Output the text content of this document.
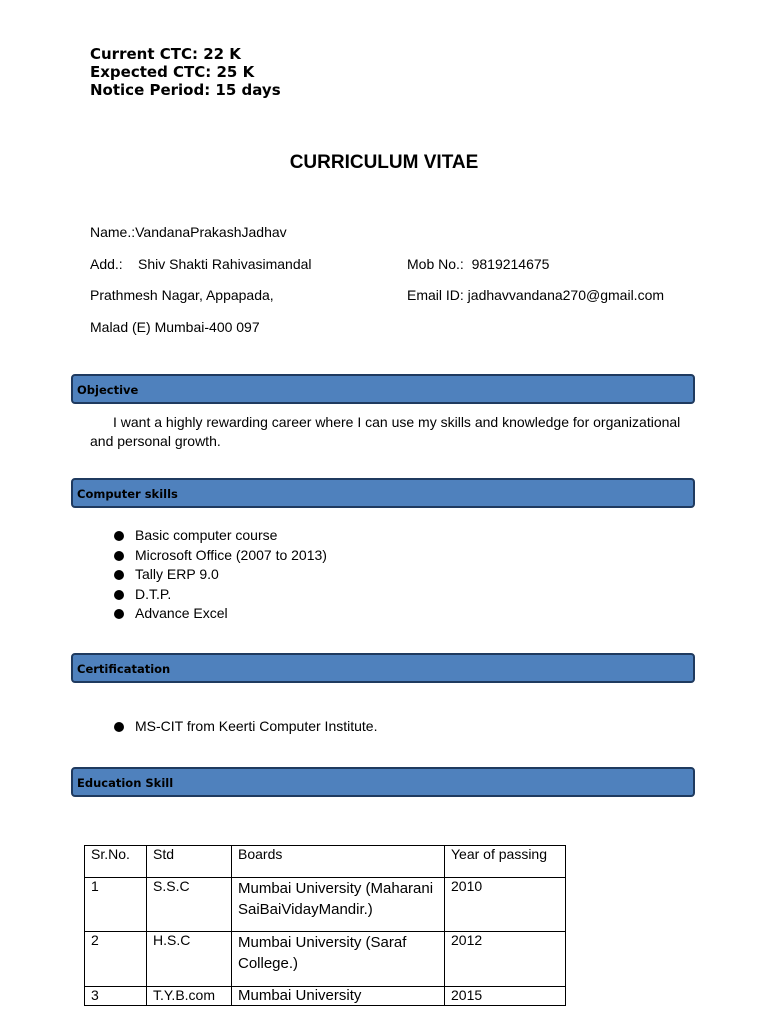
Current CTC: 22 K
Expected CTC: 25 K
Notice Period: 15 days
CURRICULUM VITAE
Name.:VandanaPrakashJadhav
Add.: Shiv Shakti Rahivasimandal
Prathmesh Nagar, Appapada,
Malad (E) Mumbai-400 097
Mob No.:  9819214675
Email ID: jadhavvandana270@gmail.com
Objective
I want a highly rewarding career where I can use my skills and knowledge for organizational and personal growth.
Computer skills
Basic computer course
Microsoft Office (2007 to 2013)
Tally ERP 9.0
D.T.P.
Advance Excel
Certificatation
MS-CIT from Keerti Computer Institute.
Education Skill
Sr.No.	Std	Boards	Year of passing
1	S.S.C	Mumbai University (Maharani SaiBaiVidayMandir.)	2010
2	H.S.C	Mumbai University (Saraf College.)	2012
3	T.Y.B.com	Mumbai University	2015
